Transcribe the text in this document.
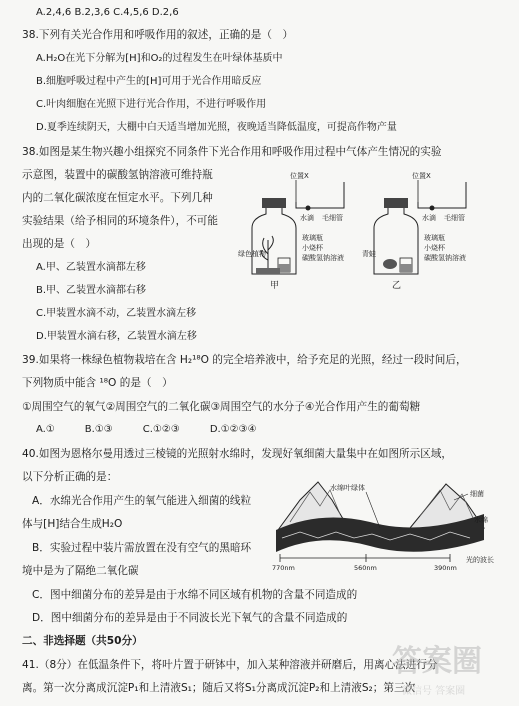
A.2,4,6 B.2,3,6 C.4,5,6 D.2,6
38.下列有关光合作用和呼吸作用的叙述，正确的是（　）
A.H₂O在光下分解为[H]和O₂的过程发生在叶绿体基质中
B.细胞呼吸过程中产生的[H]可用于光合作用暗反应
C.叶肉细胞在光照下进行光合作用，不进行呼吸作用
D.夏季连续阴天，大棚中白天适当增加光照，夜晚适当降低温度，可提高作物产量
38.如图是某生物兴趣小组探究不同条件下光合作用和呼吸作用过程中气体产生情况的实验
示意图，装置中的碳酸氢钠溶液可维持瓶
内的二氧化碳浓度在恒定水平。下列几种
实验结果（给予相同的环境条件），不可能
出现的是（　）
A.甲、乙装置水滴都左移
B.甲、乙装置水滴都右移
C.甲装置水滴不动，乙装置水滴左移
D.甲装置水滴右移，乙装置水滴左移
位置X
水滴 毛细管
玻璃瓶
小烧杯
碳酸氢钠溶液
绿色植物
甲
位置X
水滴 毛细管
玻璃瓶
小烧杯
碳酸氢钠溶液
青蛙
乙
39.如果将一株绿色植物栽培在含 H₂¹⁸O 的完全培养液中，给予充足的光照，经过一段时间后，
下列物质中能含 ¹⁸O 的是（　）
①周围空气的氧气②周围空气的二氧化碳③周围空气的水分子④光合作用产生的葡萄糖
A.①　　　B.①③　　　C.①②③　　　D.①②③④
40.如图为恩格尔曼用透过三棱镜的光照射水绵时，发现好氧细菌大量集中在如图所示区域，
以下分析正确的是：
A．水绵光合作用产生的氧气能进入细菌的线粒
体与[H]结合生成H₂O
B．实验过程中装片需放置在没有空气的黑暗环
境中是为了隔绝二氧化碳
C．图中细菌分布的差异是由于水绵不同区域有机物的含量不同造成的
D．图中细菌分布的差异是由于不同波长光下氧气的含量不同造成的
水绵叶绿体
细菌
水绵
770nm	560nm	390nm
光的波长
二、非选择题（共50分）
41.（8分）在低温条件下，将叶片置于研钵中，加入某种溶液并研磨后，用离心法进行分
离。第一次分离成沉淀P₁和上清液S₁；随后又将S₁分离成沉淀P₂和上清液S₂；第三次
答案圈
微信号 答案圈
